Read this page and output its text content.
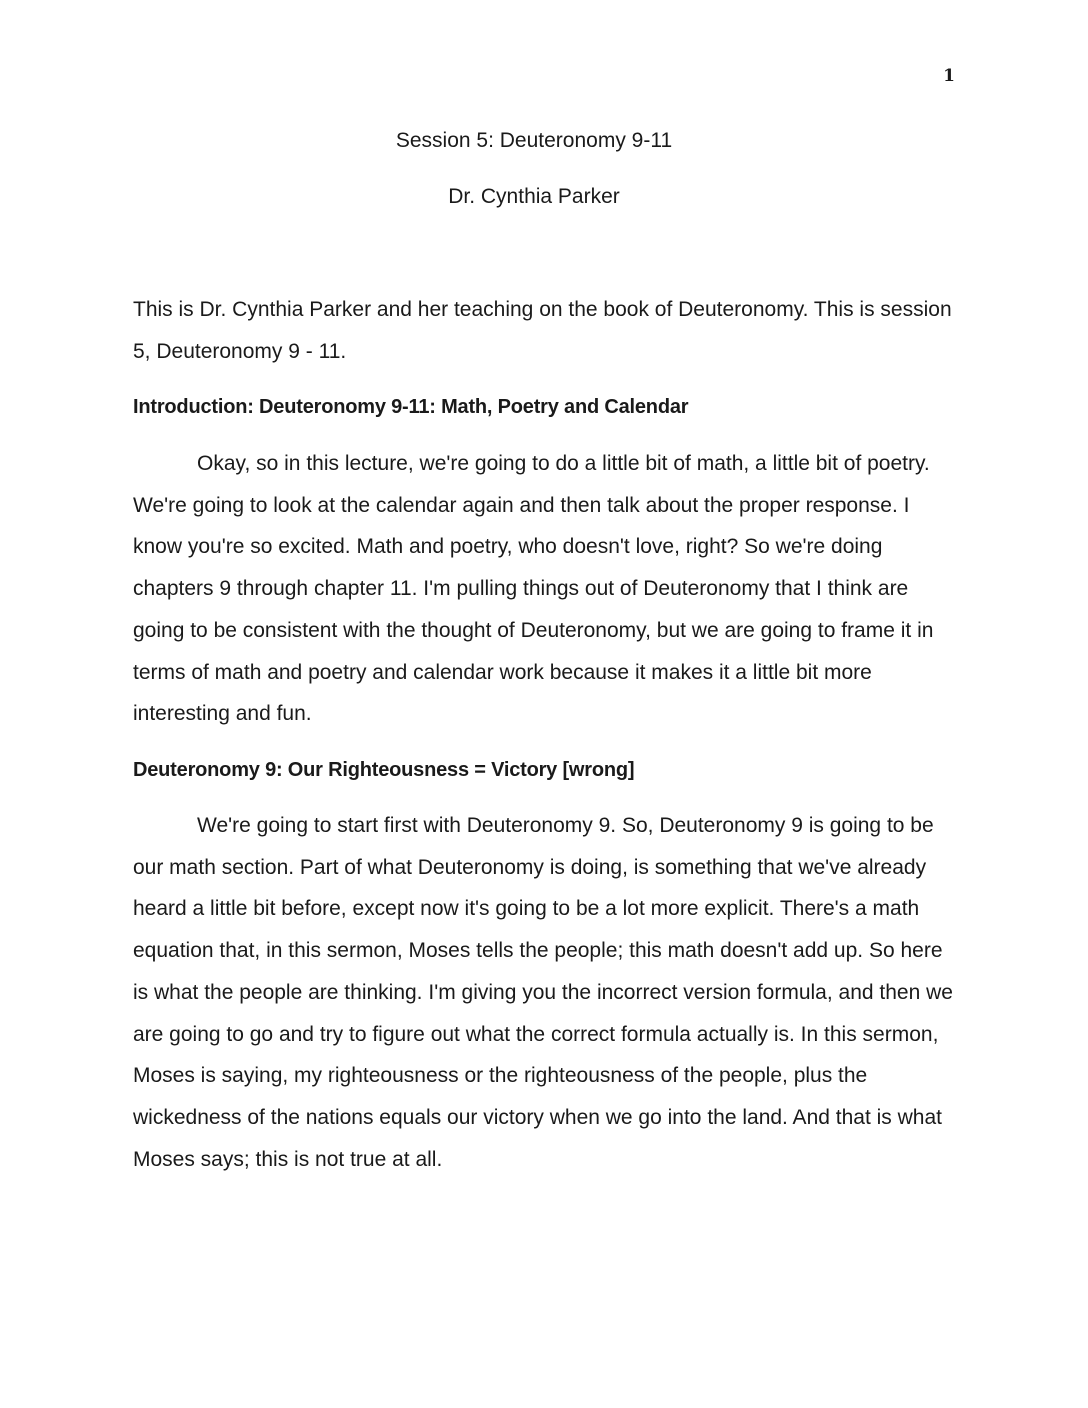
1
Session 5: Deuteronomy 9-11
Dr. Cynthia Parker

This is Dr. Cynthia Parker and her teaching on the book of Deuteronomy. This is session 5, Deuteronomy 9 - 11.

Introduction: Deuteronomy 9-11: Math, Poetry and Calendar

Okay, so in this lecture, we're going to do a little bit of math, a little bit of poetry. We're going to look at the calendar again and then talk about the proper response. I know you're so excited. Math and poetry, who doesn't love, right? So we're doing chapters 9 through chapter 11. I'm pulling things out of Deuteronomy that I think are going to be consistent with the thought of Deuteronomy, but we are going to frame it in terms of math and poetry and calendar work because it makes it a little bit more interesting and fun.

Deuteronomy 9: Our Righteousness = Victory [wrong]

We're going to start first with Deuteronomy 9. So, Deuteronomy 9 is going to be our math section. Part of what Deuteronomy is doing, is something that we've already heard a little bit before, except now it's going to be a lot more explicit. There's a math equation that, in this sermon, Moses tells the people; this math doesn't add up. So here is what the people are thinking. I'm giving you the incorrect version formula, and then we are going to go and try to figure out what the correct formula actually is. In this sermon, Moses is saying, my righteousness or the righteousness of the people, plus the wickedness of the nations equals our victory when we go into the land. And that is what Moses says; this is not true at all.
